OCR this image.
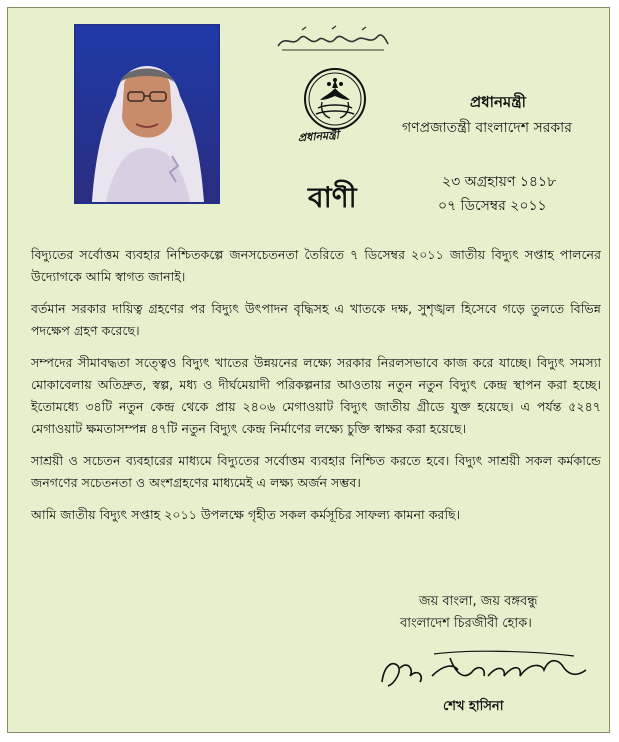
প্রধানমন্ত্রী
প্রধানমন্ত্রী
গণপ্রজাতন্ত্রী বাংলাদেশ সরকার
বাণী	২৩ অগ্রহায়ণ ১৪১৮
০৭ ডিসেম্বর ২০১১

বিদ্যুতের সর্বোত্তম ব্যবহার নিশ্চিতকল্পে জনসচেতনতা তৈরিতে ৭ ডিসেম্বর ২০১১ জাতীয় বিদ্যুৎ সপ্তাহ পালনের উদ্যোগকে আমি স্বাগত জানাই।

বর্তমান সরকার দায়িত্ব গ্রহণের পর বিদ্যুৎ উৎপাদন বৃদ্ধিসহ এ খাতকে দক্ষ, সুশৃঙ্খল হিসেবে গড়ে তুলতে বিভিন্ন পদক্ষেপ গ্রহণ করেছে।

সম্পদের সীমাবদ্ধতা সত্ত্বেও বিদ্যুৎ খাতের উন্নয়নের লক্ষ্যে সরকার নিরলসভাবে কাজ করে যাচ্ছে। বিদ্যুৎ সমস্যা মোকাবেলায় অতিদ্রুত, স্বল্প, মধ্য ও দীর্ঘমেয়াদী পরিকল্পনার আওতায় নতুন নতুন বিদ্যুৎ কেন্দ্র স্থাপন করা হচ্ছে। ইতোমধ্যে ৩৪টি নতুন কেন্দ্র থেকে প্রায় ২৪০৬ মেগাওয়াট বিদ্যুৎ জাতীয় গ্রীডে যুক্ত হয়েছে। এ পর্যন্ত ৫২৪৭ মেগাওয়াট ক্ষমতাসম্পন্ন ৪৭টি নতুন বিদ্যুৎ কেন্দ্র নির্মাণের লক্ষ্যে চুক্তি স্বাক্ষর করা হয়েছে।

সাশ্রয়ী ও সচেতন ব্যবহারের মাধ্যমে বিদ্যুতের সর্বোত্তম ব্যবহার নিশ্চিত করতে হবে। বিদ্যুৎ সাশ্রয়ী সকল কর্মকান্ডে জনগণের সচেতনতা ও অংশগ্রহণের মাধ্যমেই এ লক্ষ্য অর্জন সম্ভব।

আমি জাতীয় বিদ্যুৎ সপ্তাহ ২০১১ উপলক্ষে গৃহীত সকল কর্মসূচির সাফল্য কামনা করছি।

জয় বাংলা, জয় বঙ্গবন্ধু
বাংলাদেশ চিরজীবী হোক।
শেখ হাসিনা
